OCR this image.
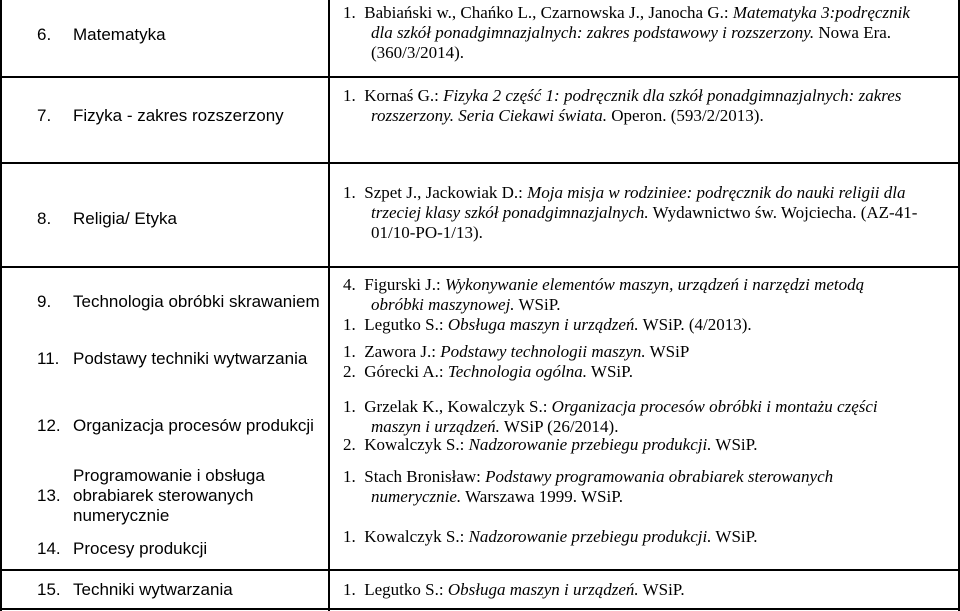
6. Matematyka
1. Babiański w., Chańko L., Czarnowska J., Janocha G.: Matematyka 3:podręcznik
dla szkół ponadgimnazjalnych: zakres podstawowy i rozszerzony. Nowa Era.
(360/3/2014).
7. Fizyka - zakres rozszerzony
1. Kornaś G.: Fizyka 2 część 1: podręcznik dla szkół ponadgimnazjalnych: zakres
rozszerzony. Seria Ciekawi świata. Operon. (593/2/2013).
8. Religia/ Etyka
1. Szpet J., Jackowiak D.: Moja misja w rodziniee: podręcznik do nauki religii dla
trzeciej klasy szkół ponadgimnazjalnych. Wydawnictwo św. Wojciecha. (AZ-41-
01/10-PO-1/13).
9. Technologia obróbki skrawaniem
4. Figurski J.: Wykonywanie elementów maszyn, urządzeń i narzędzi metodą
obróbki maszynowej. WSiP.
1. Legutko S.: Obsługa maszyn i urządzeń. WSiP. (4/2013).
11. Podstawy techniki wytwarzania 1. Zawora J.: Podstawy technologii maszyn. WSiP
2. Górecki A.: Technologia ogólna. WSiP.
12. Organizacja procesów produkcji
1. Grzelak K., Kowalczyk S.: Organizacja procesów obróbki i montażu części
maszyn i urządzeń. WSiP (26/2014).
2. Kowalczyk S.: Nadzorowanie przebiegu produkcji. WSiP.
13.
Programowanie i obsługa
obrabiarek sterowanych
numerycznie
1. Stach Bronisław: Podstawy programowania obrabiarek sterowanych
numerycznie. Warszawa 1999. WSiP.
14. Procesy produkcji
1. Kowalczyk S.: Nadzorowanie przebiegu produkcji. WSiP.
15. Techniki wytwarzania	1. Legutko S.: Obsługa maszyn i urządzeń. WSiP.
